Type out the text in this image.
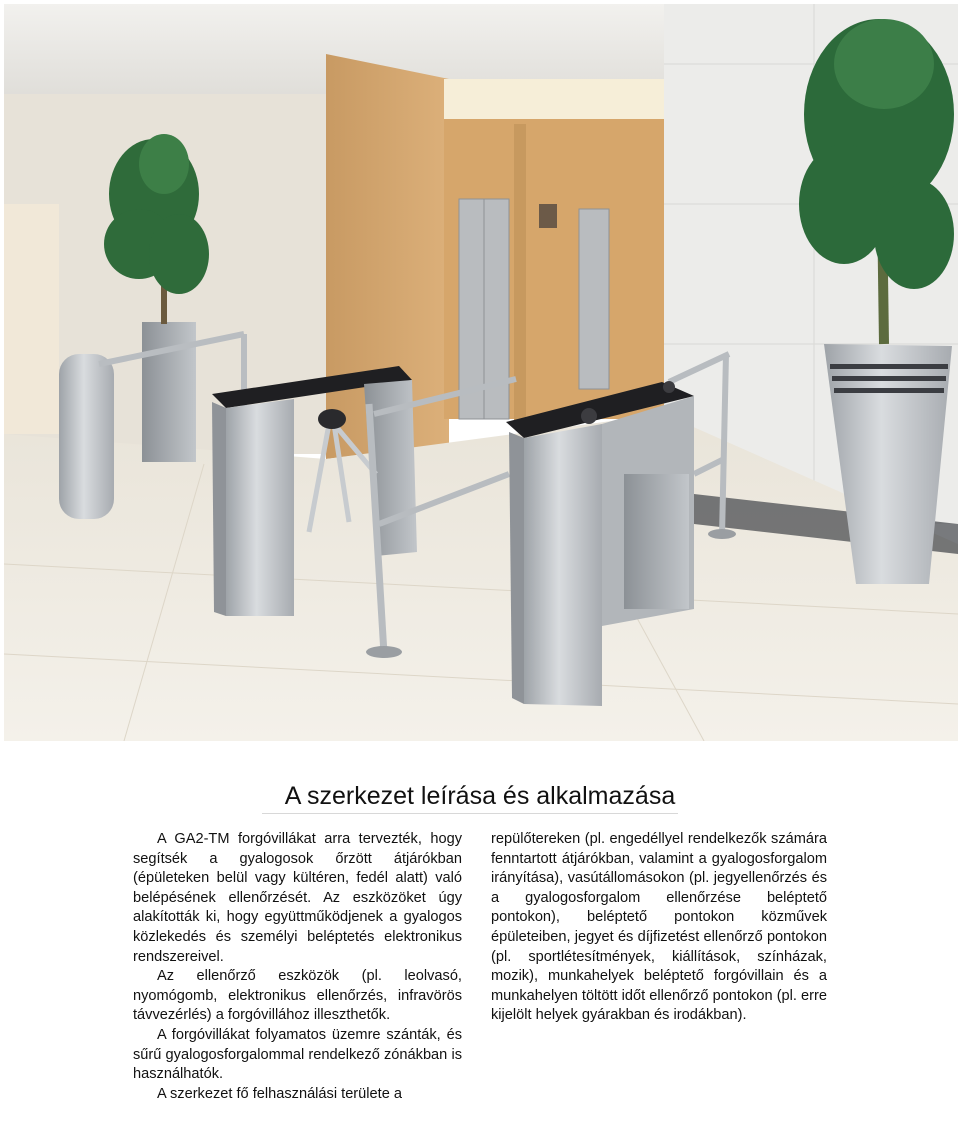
A szerkezet leírása és alkalmazása

A GA2-TM forgóvillákat arra tervezték, hogy segítsék a gyalogosok őrzött átjárókban (épületeken belül vagy kültéren, fedél alatt) való belépésének ellenőrzését. Az eszközöket úgy alakították ki, hogy együttműködjenek a gyalogos közlekedés és személyi beléptetés elektronikus rendszereivel.

Az ellenőrző eszközök (pl. leolvasó, nyomógomb, elektronikus ellenőrzés, infravörös távvezérlés) a forgóvillához illeszthetők.

A forgóvillákat folyamatos üzemre szánták, és sűrű gyalogosforgalommal rendelkező zónákban is használhatók.

A szerkezet fő felhasználási területe a

repülőtereken (pl. engedéllyel rendelkezők számára fenntartott átjárókban, valamint a gyalogosforgalom irányítása), vasútállomásokon (pl. jegyellenőrzés és a gyalogosforgalom ellenőrzése beléptető pontokon), beléptető pontokon közművek épületeiben, jegyet és díjfizetést ellenőrző pontokon (pl. sportlétesítmények, kiállítások, színházak, mozik), munkahelyek beléptető forgóvillain és a munkahelyen töltött időt ellenőrző pontokon (pl. erre kijelölt helyek gyárakban és irodákban).
